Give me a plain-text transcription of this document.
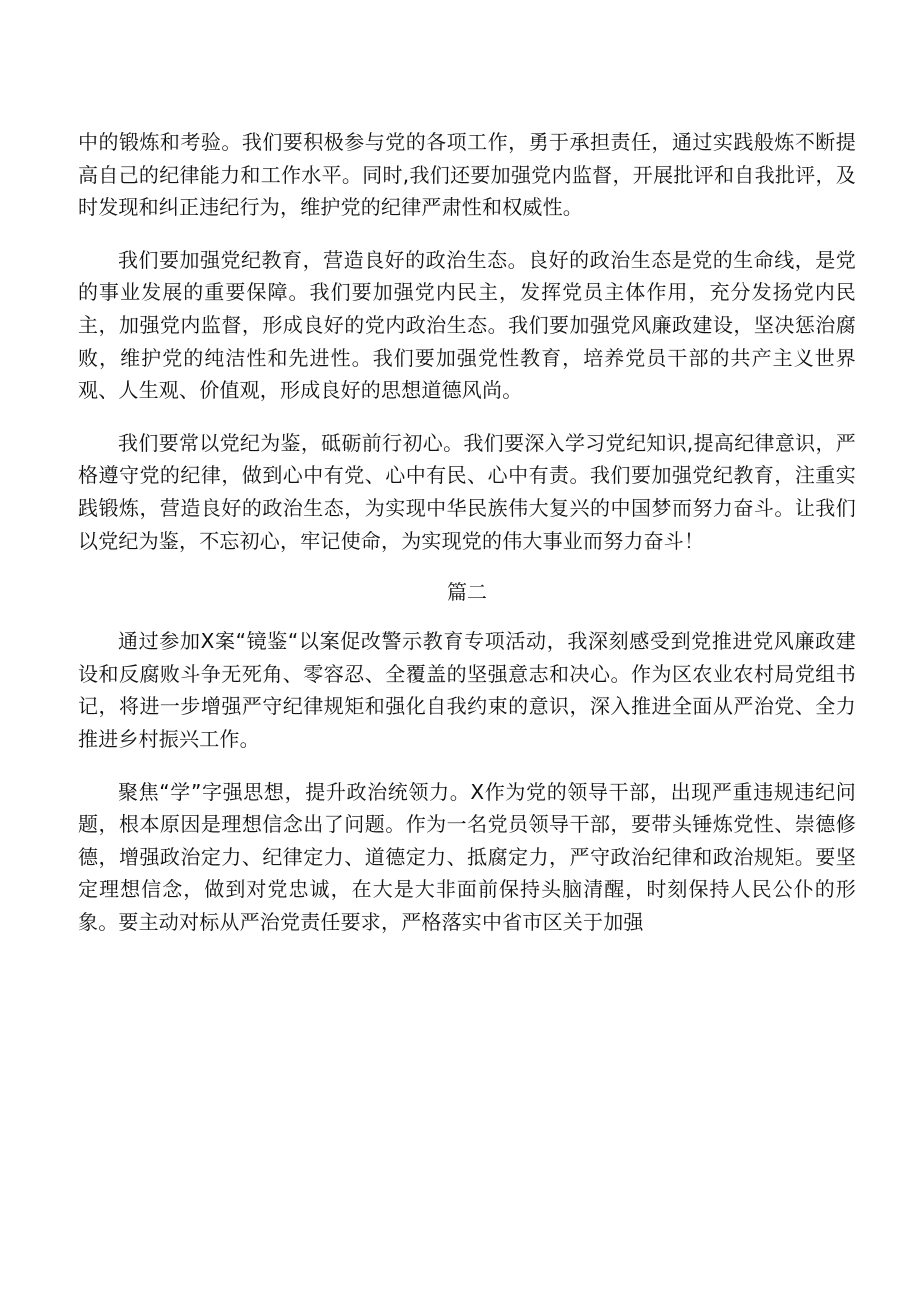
中的锻炼和考验。我们要积极参与党的各项工作，勇于承担责任，通过实践般炼不断提高自己的纪律能力和工作水平。同时,我们还要加强党内监督，开展批评和自我批评，及时发现和纠正违纪行为，维护党的纪律严肃性和权威性。

我们要加强党纪教育，营造良好的政治生态。良好的政治生态是党的生命线，是党的事业发展的重要保障。我们要加强党内民主，发挥党员主体作用，充分发扬党内民主，加强党内监督，形成良好的党内政治生态。我们要加强党风廉政建设，坚决惩治腐败，维护党的纯洁性和先进性。我们要加强党性教育，培养党员干部的共产主义世界观、人生观、价值观，形成良好的思想道德风尚。

我们要常以党纪为鉴，砥砺前行初心。我们要深入学习党纪知识,提高纪律意识，严格遵守党的纪律，做到心中有党、心中有民、心中有责。我们要加强党纪教育，注重实践锻炼，营造良好的政治生态，为实现中华民族伟大复兴的中国梦而努力奋斗。让我们以党纪为鉴，不忘初心，牢记使命，为实现党的伟大事业而努力奋斗！

篇二

通过参加X案“镜鉴“以案促改警示教育专项活动，我深刻感受到党推进党风廉政建设和反腐败斗争无死角、零容忍、全覆盖的坚强意志和决心。作为区农业农村局党组书记，将进一步增强严守纪律规矩和强化自我约束的意识，深入推进全面从严治党、全力推进乡村振兴工作。

聚焦“学”字强思想，提升政治统领力。X作为党的领导干部，出现严重违规违纪问题，根本原因是理想信念出了问题。作为一名党员领导干部，要带头锤炼党性、崇德修德，增强政治定力、纪律定力、道德定力、抵腐定力，严守政治纪律和政治规矩。要坚定理想信念，做到对党忠诚，在大是大非面前保持头脑清醒，时刻保持人民公仆的形象。要主动对标从严治党责任要求，严格落实中省市区关于加强
